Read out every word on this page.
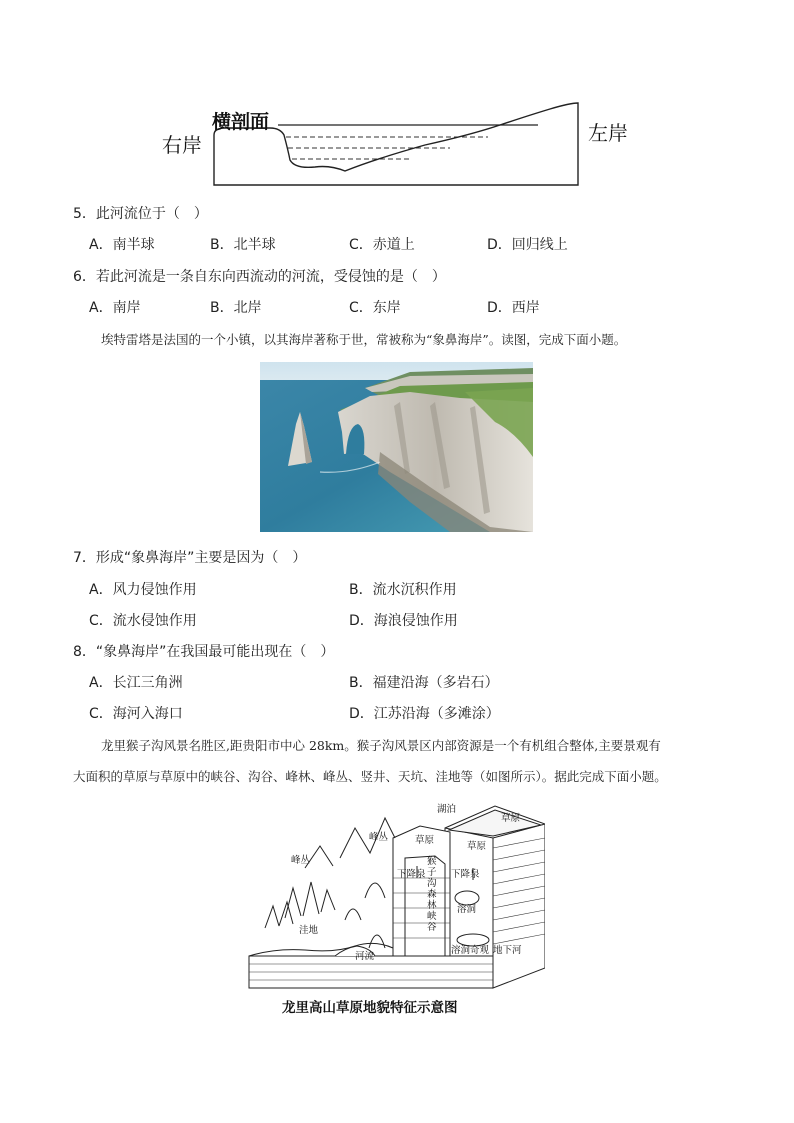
横剖面
右岸	左岸
5．此河流位于（　）
A．南半球	B．北半球	C．赤道上	D．回归线上
6．若此河流是一条自东向西流动的河流，受侵蚀的是（　）
A．南岸	B．北岸	C．东岸	D．西岸
埃特雷塔是法国的一个小镇，以其海岸著称于世，常被称为“象鼻海岸”。读图，完成下面小题。
7．形成“象鼻海岸”主要是因为（　）
A．风力侵蚀作用	B．流水沉积作用
C．流水侵蚀作用	D．海浪侵蚀作用
8．“象鼻海岸”在我国最可能出现在（　）
A．长江三角洲	B．福建沿海（多岩石）
C．海河入海口	D．江苏沿海（多滩涂）
龙里猴子沟风景名胜区,距贵阳市中心 28km。猴子沟风景区内部资源是一个有机组合整体,主要景观有
大面积的草原与草原中的峡谷、沟谷、峰林、峰丛、竖井、天坑、洼地等（如图所示）。据此完成下面小题。
湖泊
草原
草原
草原
峰丛
峰丛
下降泉	下降泉
猴子沟森林峡谷
溶洞
洼地
河流
溶洞奇观 地下河
龙里高山草原地貌特征示意图
